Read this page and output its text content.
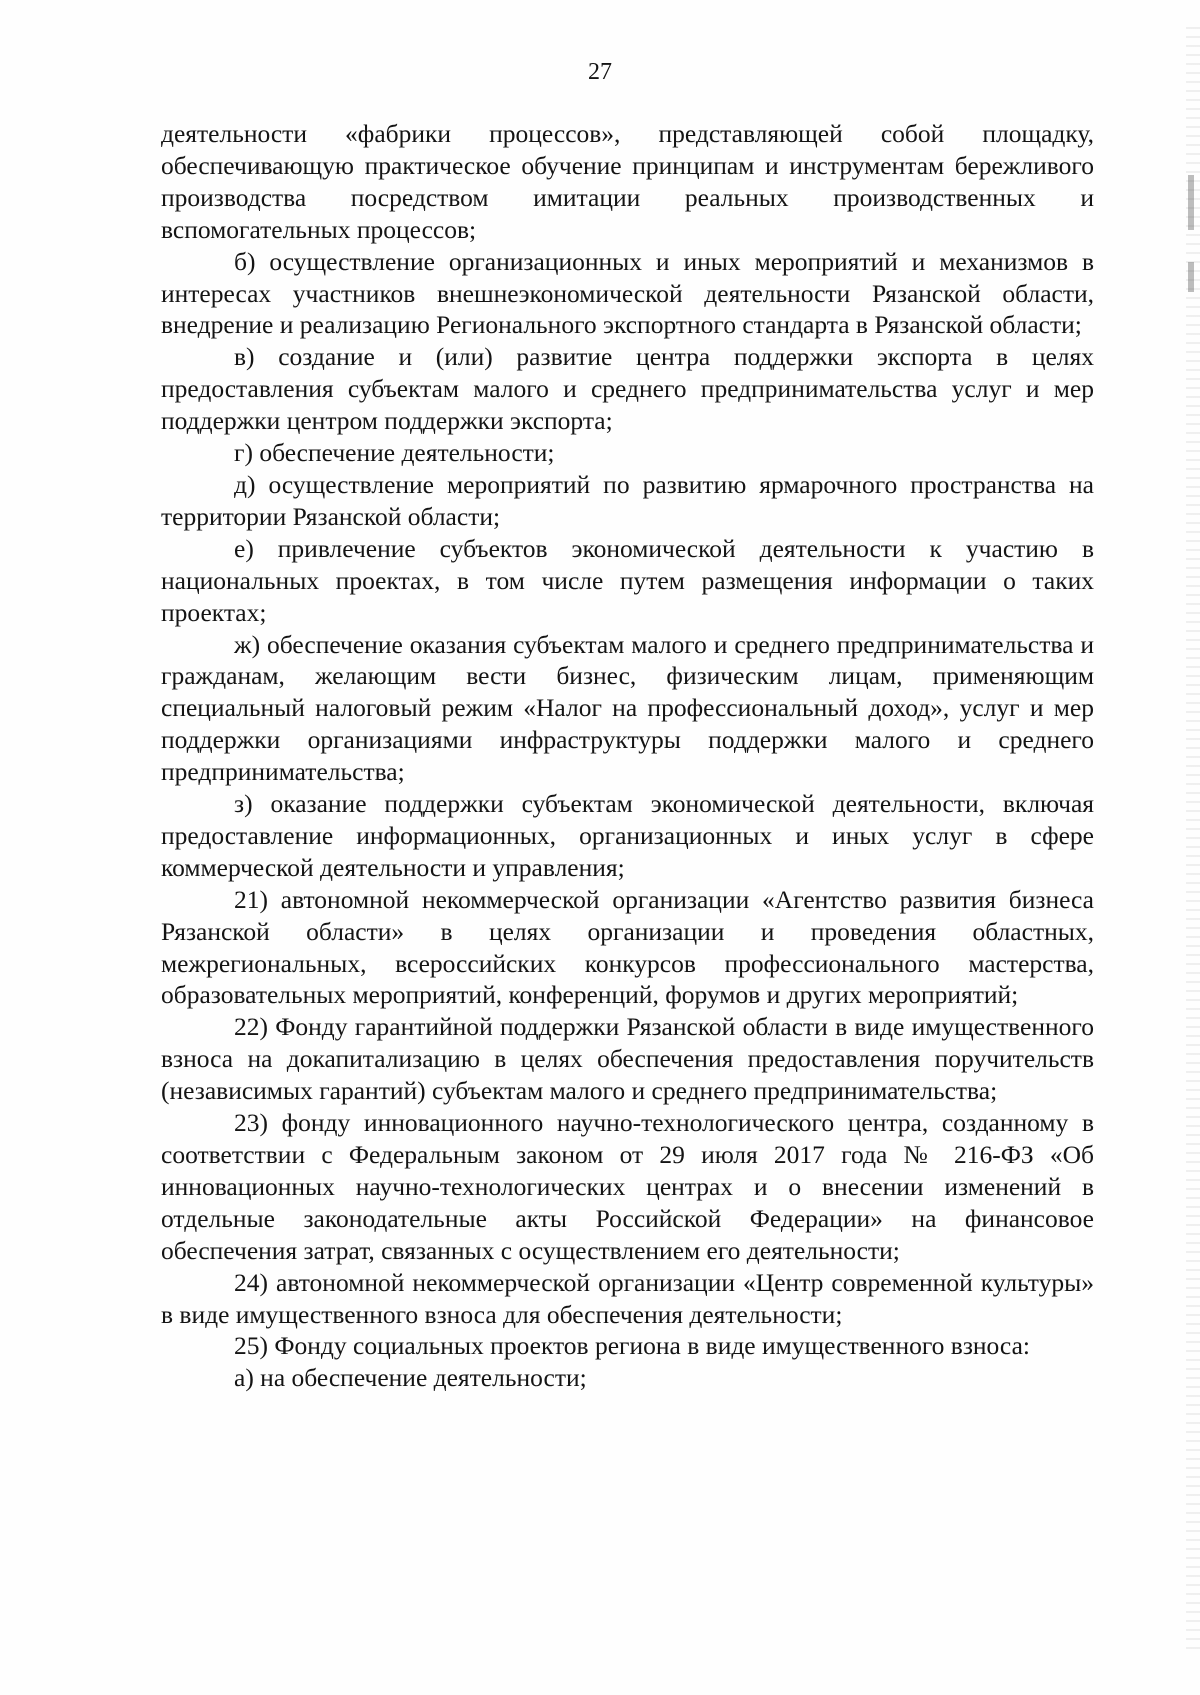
27

деятельности «фабрики процессов», представляющей собой площадку, обеспечивающую практическое обучение принципам и инструментам бережливого производства посредством имитации реальных производственных и вспомогательных процессов;

б) осуществление организационных и иных мероприятий и механизмов в интересах участников внешнеэкономической деятельности Рязанской области, внедрение и реализацию Регионального экспортного стандарта в Рязанской области;

в) создание и (или) развитие центра поддержки экспорта в целях предоставления субъектам малого и среднего предпринимательства услуг и мер поддержки центром поддержки экспорта;

г) обеспечение деятельности;

д) осуществление мероприятий по развитию ярмарочного пространства на территории Рязанской области;

е) привлечение субъектов экономической деятельности к участию в национальных проектах, в том числе путем размещения информации о таких проектах;

ж) обеспечение оказания субъектам малого и среднего предпринимательства и гражданам, желающим вести бизнес, физическим лицам, применяющим специальный налоговый режим «Налог на профессиональный доход», услуг и мер поддержки организациями инфраструктуры поддержки малого и среднего предпринимательства;

з) оказание поддержки субъектам экономической деятельности, включая предоставление информационных, организационных и иных услуг в сфере коммерческой деятельности и управления;

21) автономной некоммерческой организации «Агентство развития бизнеса Рязанской области» в целях организации и проведения областных, межрегиональных, всероссийских конкурсов профессионального мастерства, образовательных мероприятий, конференций, форумов и других мероприятий;

22) Фонду гарантийной поддержки Рязанской области в виде имущественного взноса на докапитализацию в целях обеспечения предоставления поручительств (независимых гарантий) субъектам малого и среднего предпринимательства;

23) фонду инновационного научно-технологического центра, созданному в соответствии с Федеральным законом от 29 июля 2017 года № 216-ФЗ «Об инновационных научно-технологических центрах и о внесении изменений в отдельные законодательные акты Российской Федерации» на финансовое обеспечения затрат, связанных с осуществлением его деятельности;

24) автономной некоммерческой организации «Центр современной культуры» в виде имущественного взноса для обеспечения деятельности;

25) Фонду социальных проектов региона в виде имущественного взноса:

а) на обеспечение деятельности;
